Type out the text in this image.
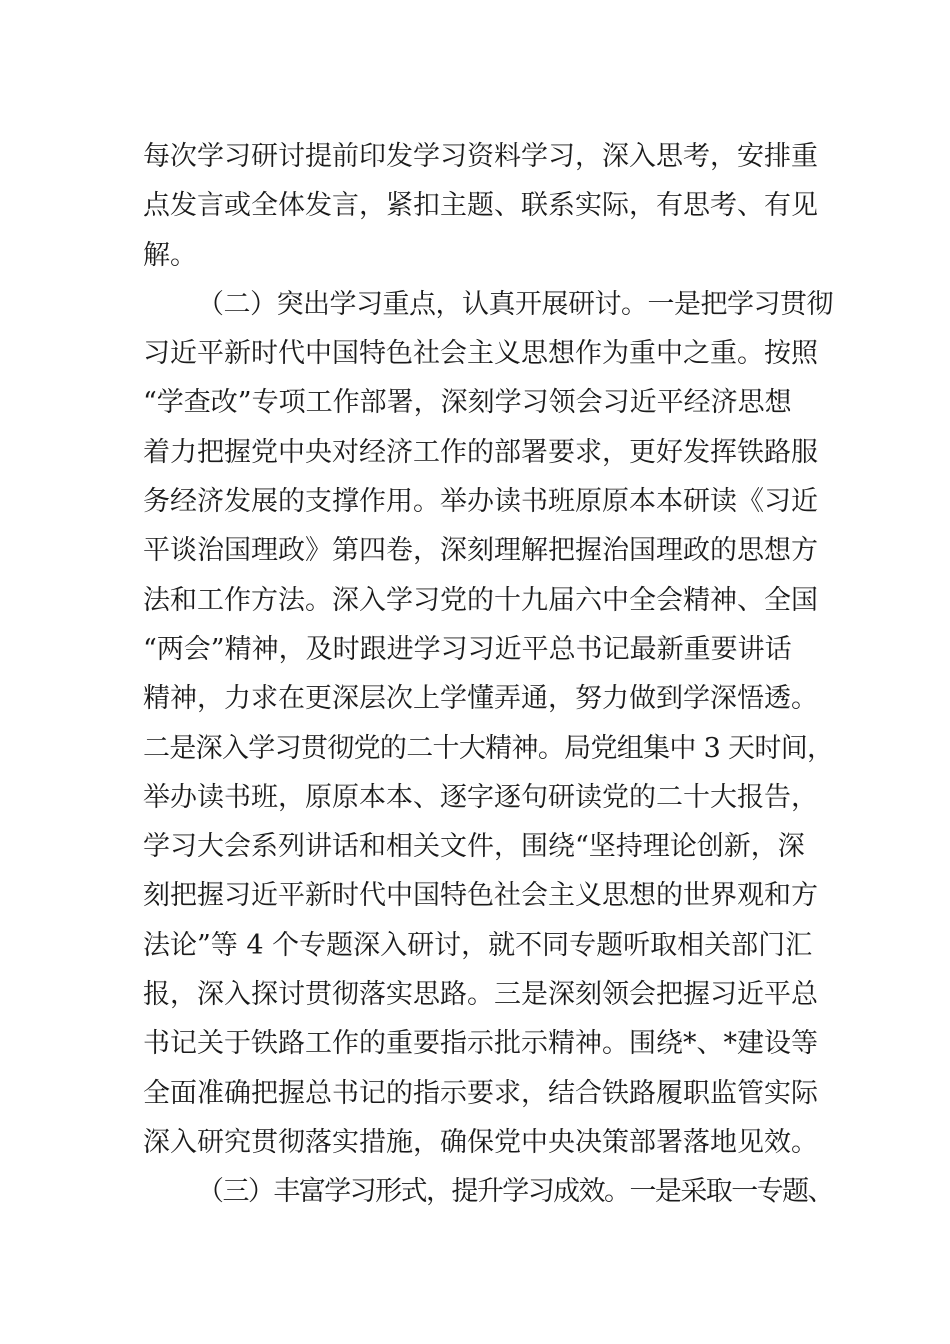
每次学习研讨提前印发学习资料学习，深入思考，安排重
点发言或全体发言，紧扣主题、联系实际，有思考、有见
解。
（二）突出学习重点，认真开展研讨。一是把学习贯彻
习近平新时代中国特色社会主义思想作为重中之重。按照
“学查改”专项工作部署，深刻学习领会习近平经济思想
着力把握党中央对经济工作的部署要求，更好发挥铁路服
务经济发展的支撑作用。举办读书班原原本本研读《习近
平谈治国理政》第四卷，深刻理解把握治国理政的思想方
法和工作方法。深入学习党的十九届六中全会精神、全国
“两会”精神，及时跟进学习习近平总书记最新重要讲话
精神，力求在更深层次上学懂弄通，努力做到学深悟透。
二是深入学习贯彻党的二十大精神。局党组集中 3 天时间，
举办读书班，原原本本、逐字逐句研读党的二十大报告，
学习大会系列讲话和相关文件，围绕“坚持理论创新，深
刻把握习近平新时代中国特色社会主义思想的世界观和方
法论”等 4 个专题深入研讨，就不同专题听取相关部门汇
报，深入探讨贯彻落实思路。三是深刻领会把握习近平总
书记关于铁路工作的重要指示批示精神。围绕*、*建设等
全面准确把握总书记的指示要求，结合铁路履职监管实际
深入研究贯彻落实措施，确保党中央决策部署落地见效。
（三）丰富学习形式，提升学习成效。一是采取一专题、
